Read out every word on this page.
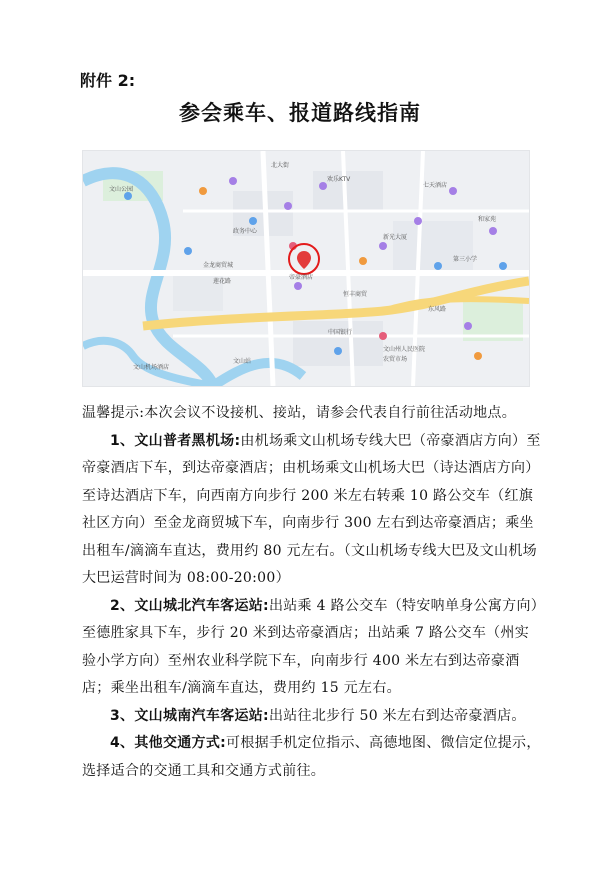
附件 2:
参会乘车、报道路线指南
文山机场酒店
文山站
帝豪酒店
中国银行
金龙商贸城
文山州人民医院
莲花路
北大街
欢乐KTV
七天酒店
文山公园
农贸市场
第三小学
政务中心
新光大厦
和家苑
恒丰商贸
东风路

温馨提示:本次会议不设接机、接站，请参会代表自行前往活动地点。

1、文山普者黑机场:由机场乘文山机场专线大巴（帝豪酒店方向）至帝豪酒店下车，到达帝豪酒店；由机场乘文山机场大巴（诗达酒店方向）至诗达酒店下车，向西南方向步行 200 米左右转乘 10 路公交车（红旗社区方向）至金龙商贸城下车，向南步行 300 左右到达帝豪酒店；乘坐出租车/滴滴车直达，费用约 80 元左右。（文山机场专线大巴及文山机场大巴运营时间为 08:00-20:00）

2、文山城北汽车客运站:出站乘 4 路公交车（特安呐单身公寓方向）至德胜家具下车，步行 20 米到达帝豪酒店；出站乘 7 路公交车（州实验小学方向）至州农业科学院下车，向南步行 400 米左右到达帝豪酒店；乘坐出租车/滴滴车直达，费用约 15 元左右。

3、文山城南汽车客运站:出站往北步行 50 米左右到达帝豪酒店。

4、其他交通方式:可根据手机定位指示、高德地图、微信定位提示，选择适合的交通工具和交通方式前往。
